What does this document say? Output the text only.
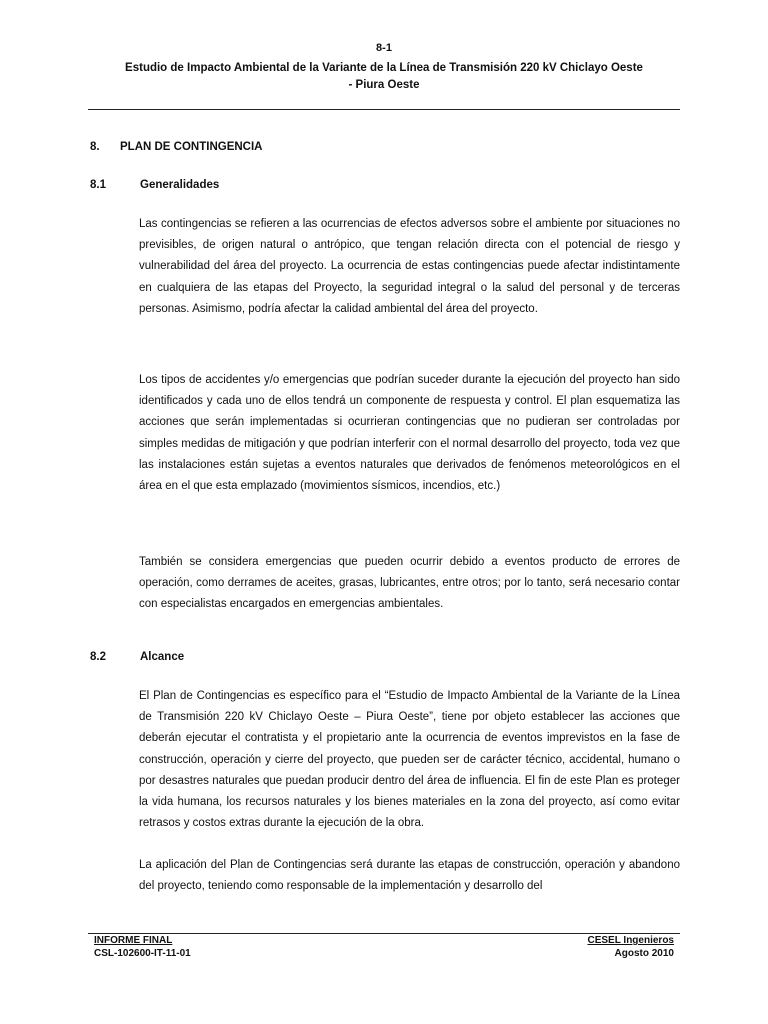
8-1
Estudio de Impacto Ambiental de la Variante de la Línea de Transmisión 220 kV Chiclayo Oeste
- Piura Oeste
8. PLAN DE CONTINGENCIA
8.1	Generalidades

Las contingencias se refieren a las ocurrencias de efectos adversos sobre el ambiente por situaciones no previsibles, de origen natural o antrópico, que tengan relación directa con el potencial de riesgo y vulnerabilidad del área del proyecto. La ocurrencia de estas contingencias puede afectar indistintamente en cualquiera de las etapas del Proyecto, la seguridad integral o la salud del personal y de terceras personas. Asimismo, podría afectar la calidad ambiental del área del proyecto.

Los tipos de accidentes y/o emergencias que podrían suceder durante la ejecución del proyecto han sido identificados y cada uno de ellos tendrá un componente de respuesta y control. El plan esquematiza las acciones que serán implementadas si ocurrieran contingencias que no pudieran ser controladas por simples medidas de mitigación y que podrían interferir con el normal desarrollo del proyecto, toda vez que las instalaciones están sujetas a eventos naturales que derivados de fenómenos meteorológicos en el área en el que esta emplazado (movimientos sísmicos, incendios, etc.)

También se considera emergencias que pueden ocurrir debido a eventos producto de errores de operación, como derrames de aceites, grasas, lubricantes, entre otros; por lo tanto, será necesario contar con especialistas encargados en emergencias ambientales.

8.2	Alcance

El Plan de Contingencias es específico para el “Estudio de Impacto Ambiental de la Variante de la Línea de Transmisión 220 kV Chiclayo Oeste – Piura Oeste”, tiene por objeto establecer las acciones que deberán ejecutar el contratista y el propietario ante la ocurrencia de eventos imprevistos en la fase de construcción, operación y cierre del proyecto, que pueden ser de carácter técnico, accidental, humano o por desastres naturales que puedan producir dentro del área de influencia. El fin de este Plan es proteger la vida humana, los recursos naturales y los bienes materiales en la zona del proyecto, así como evitar retrasos y costos extras durante la ejecución de la obra.

La aplicación del Plan de Contingencias será durante las etapas de construcción, operación y abandono del proyecto, teniendo como responsable de la implementación y desarrollo del

INFORME FINAL
CSL-102600-IT-11-01
CESEL Ingenieros
Agosto 2010
